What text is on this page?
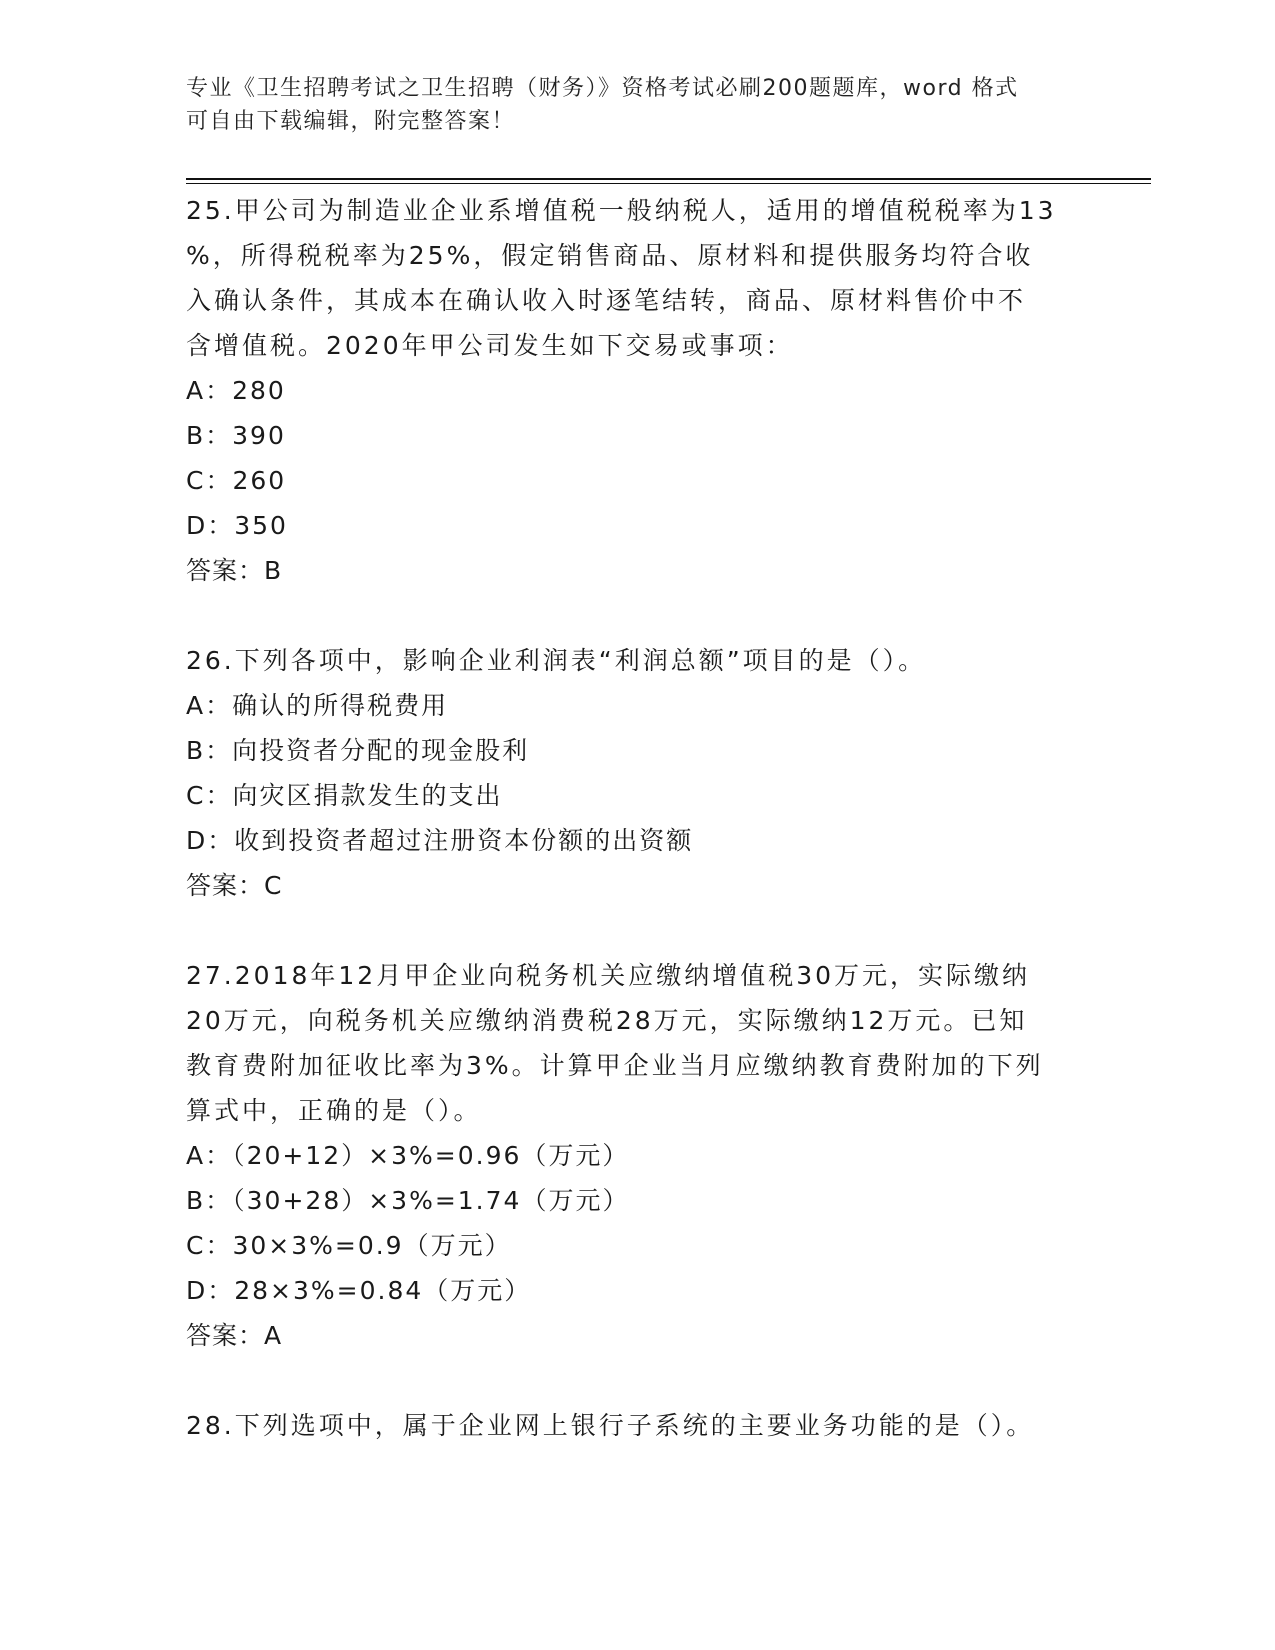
专业《卫生招聘考试之卫生招聘（财务）》资格考试必刷200题题库，word 格式
可自由下载编辑，附完整答案！

25.甲公司为制造业企业系增值税一般纳税人，适用的增值税税率为13

%，所得税税率为25%，假定销售商品、原材料和提供服务均符合收

入确认条件，其成本在确认收入时逐笔结转，商品、原材料售价中不

含增值税。2020年甲公司发生如下交易或事项：

A：280

B：390

C：260

D：350

答案：B

26.下列各项中，影响企业利润表“利润总额”项目的是（）。

A：确认的所得税费用

B：向投资者分配的现金股利

C：向灾区捐款发生的支出

D：收到投资者超过注册资本份额的出资额

答案：C

27.2018年12月甲企业向税务机关应缴纳增值税30万元，实际缴纳

20万元，向税务机关应缴纳消费税28万元，实际缴纳12万元。已知

教育费附加征收比率为3%。计算甲企业当月应缴纳教育费附加的下列

算式中，正确的是（）。

A：（20+12）×3%=0.96（万元）

B：（30+28）×3%=1.74（万元）

C：30×3%=0.9（万元）

D：28×3%=0.84（万元）

答案：A

28.下列选项中，属于企业网上银行子系统的主要业务功能的是（）。
